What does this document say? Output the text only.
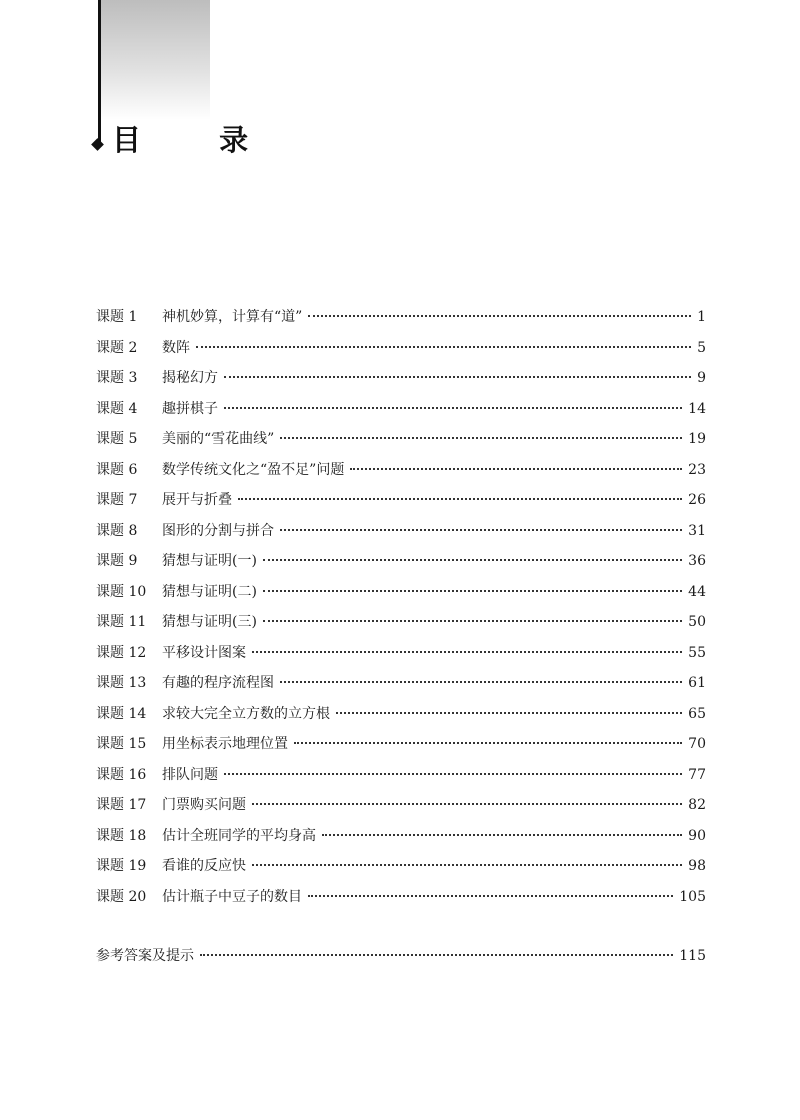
目 录
课题 1	神机妙算，计算有“道”	1
课题 2	数阵	5
课题 3	揭秘幻方	9
课题 4	趣拼棋子	14
课题 5	美丽的“雪花曲线”	19
课题 6	数学传统文化之“盈不足”问题	23
课题 7	展开与折叠	26
课题 8	图形的分割与拼合	31
课题 9	猜想与证明(一)	36
课题 10	猜想与证明(二)	44
课题 11	猜想与证明(三)	50
课题 12	平移设计图案	55
课题 13	有趣的程序流程图	61
课题 14	求较大完全立方数的立方根	65
课题 15	用坐标表示地理位置	70
课题 16	排队问题	77
课题 17	门票购买问题	82
课题 18	估计全班同学的平均身高	90
课题 19	看谁的反应快	98
课题 20	估计瓶子中豆子的数目	105
参考答案及提示	115
